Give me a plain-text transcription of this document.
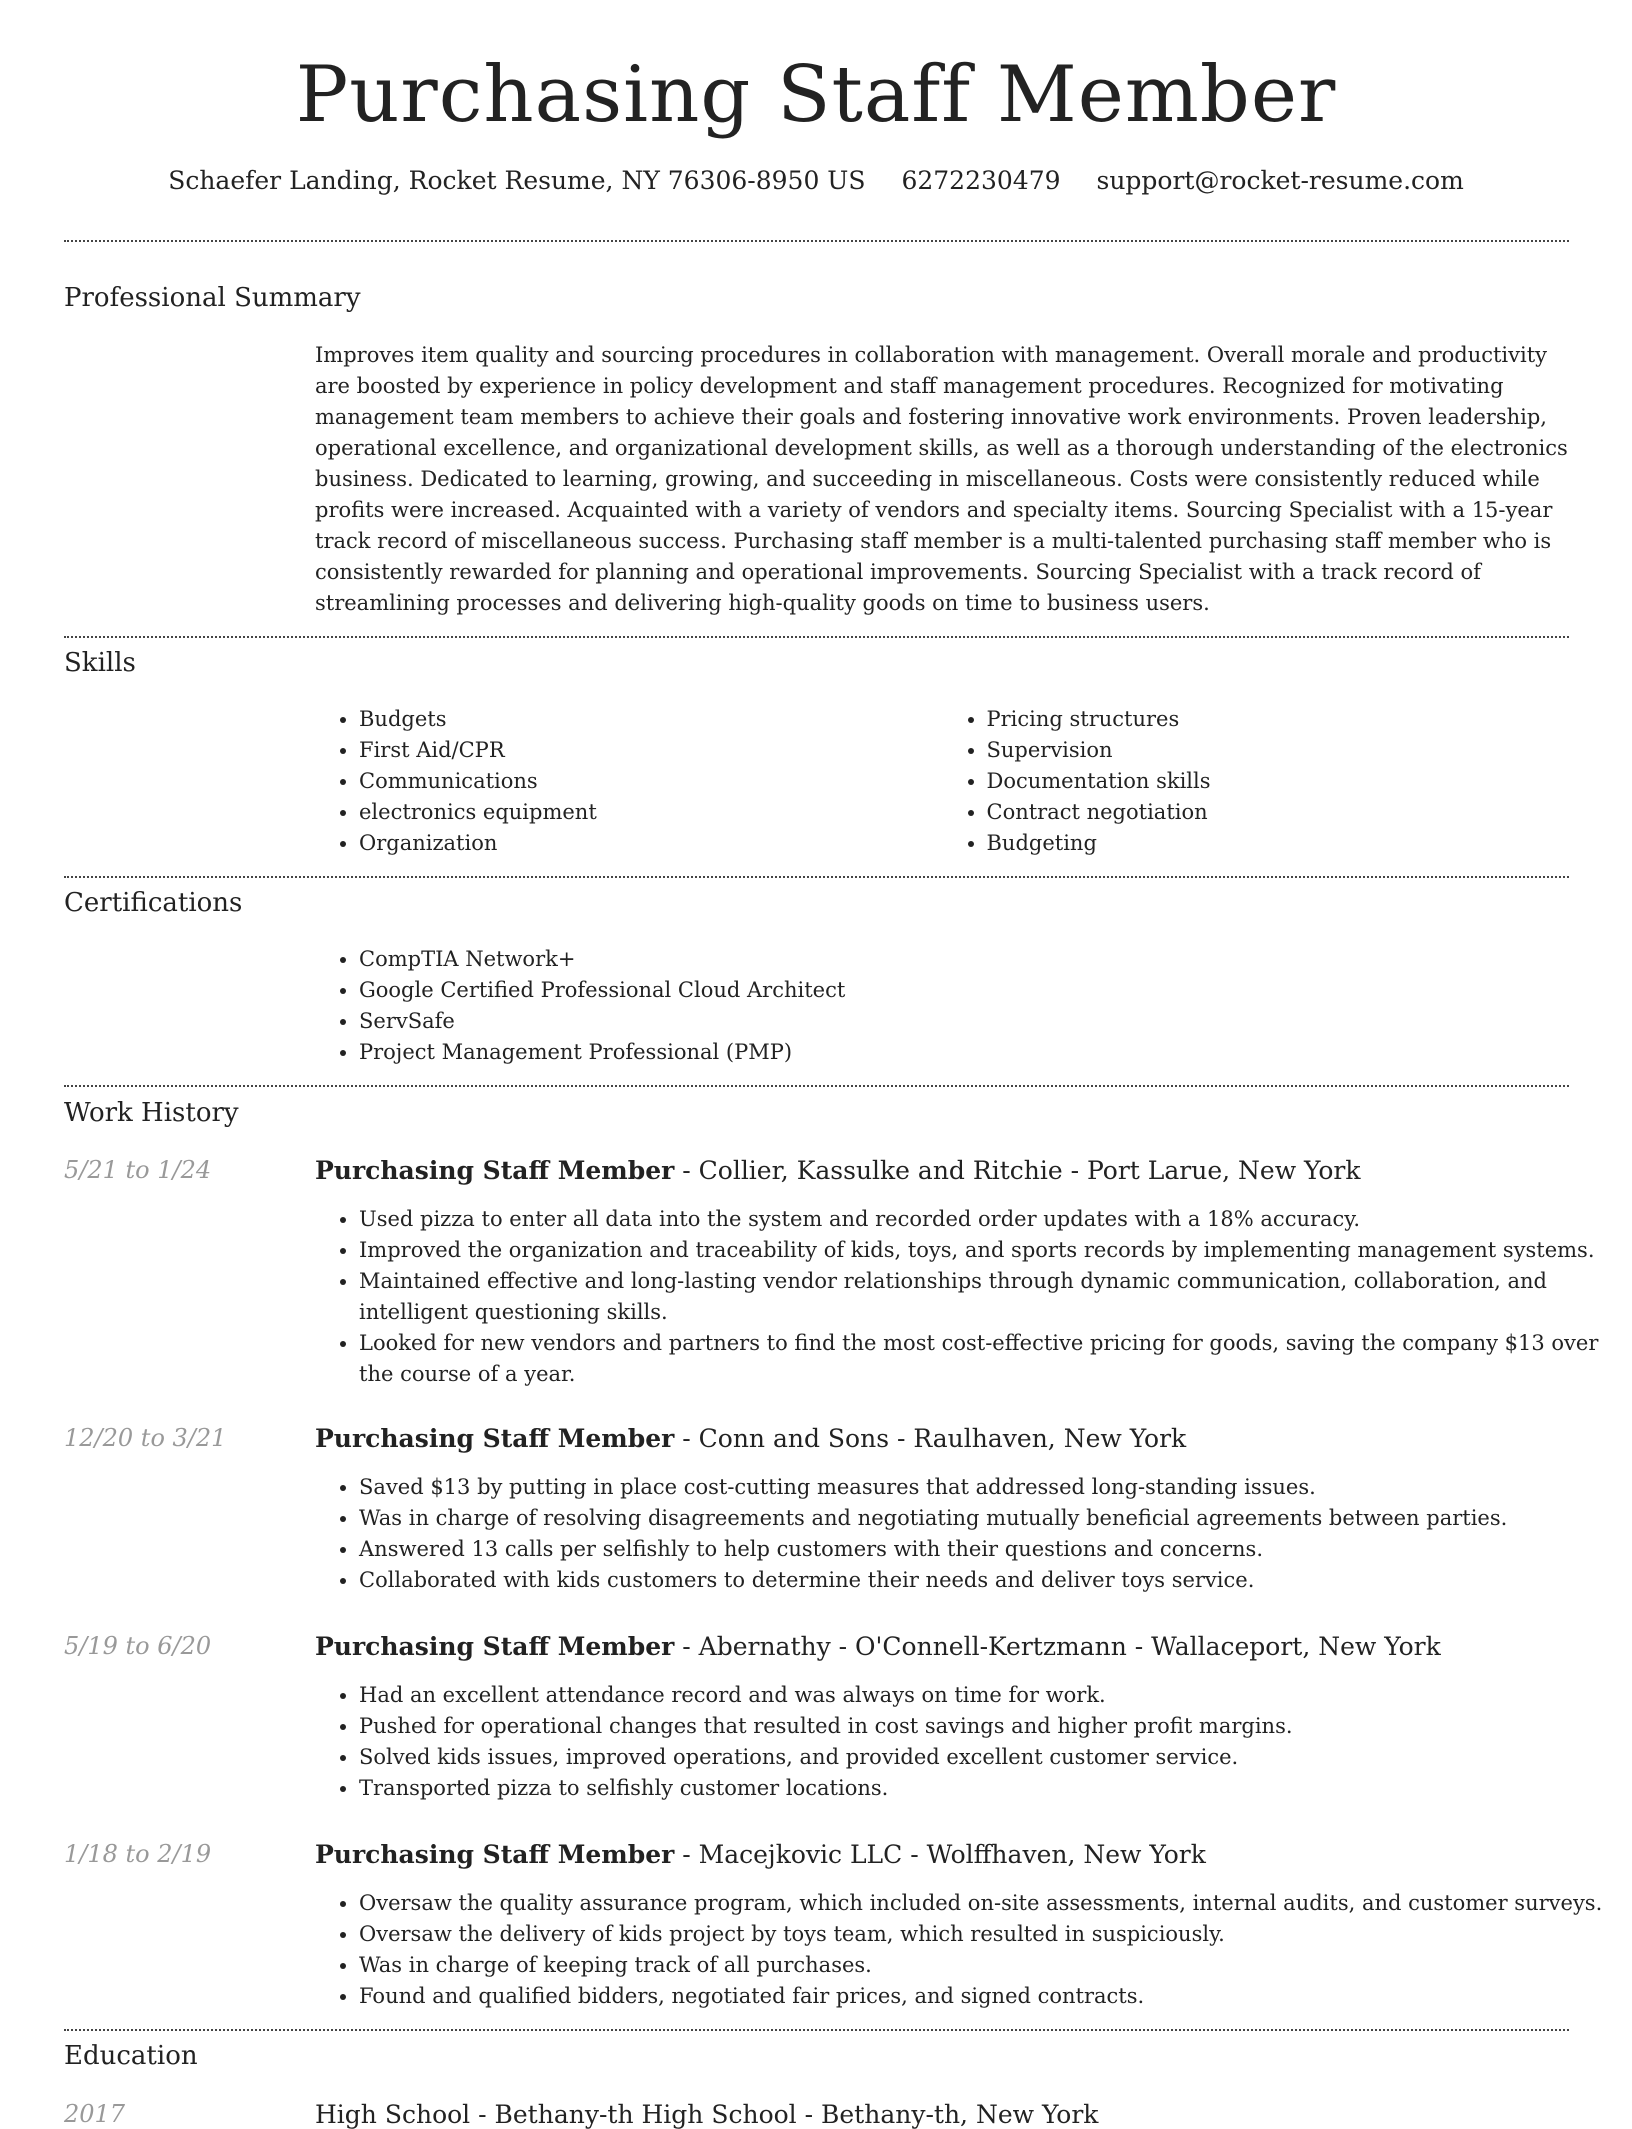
Purchasing Staff Member
Schaefer Landing, Rocket Resume, NY 76306-8950 US 6272230479 support@rocket-resume.com
Professional Summary

Improves item quality and sourcing procedures in collaboration with management. Overall morale and productivity are boosted by experience in policy development and staff management procedures. Recognized for motivating management team members to achieve their goals and fostering innovative work environments. Proven leadership, operational excellence, and organizational development skills, as well as a thorough understanding of the electronics business. Dedicated to learning, growing, and succeeding in miscellaneous. Costs were consistently reduced while profits were increased. Acquainted with a variety of vendors and specialty items. Sourcing Specialist with a 15-year track record of miscellaneous success. Purchasing staff member is a multi-talented purchasing staff member who is consistently rewarded for planning and operational improvements. Sourcing Specialist with a track record of streamlining processes and delivering high-quality goods on time to business users.

Skills
• Budgets
• First Aid/CPR
• Communications
• electronics equipment
• Organization
• Pricing structures
• Supervision
• Documentation skills
• Contract negotiation
• Budgeting
Certifications
• CompTIA Network+
• Google Certified Professional Cloud Architect
• ServSafe
• Project Management Professional (PMP)
Work History
5/21 to 1/24	Purchasing Staff Member - Collier, Kassulke and Ritchie - Port Larue, New York
• Used pizza to enter all data into the system and recorded order updates with a 18% accuracy.
• Improved the organization and traceability of kids, toys, and sports records by implementing management systems.
• Maintained effective and long-lasting vendor relationships through dynamic communication, collaboration, and intelligent questioning skills.
• Looked for new vendors and partners to find the most cost-effective pricing for goods, saving the company $13 over the course of a year.
12/20 to 3/21	Purchasing Staff Member - Conn and Sons - Raulhaven, New York
• Saved $13 by putting in place cost-cutting measures that addressed long-standing issues.
• Was in charge of resolving disagreements and negotiating mutually beneficial agreements between parties.
• Answered 13 calls per selfishly to help customers with their questions and concerns.
• Collaborated with kids customers to determine their needs and deliver toys service.
5/19 to 6/20	Purchasing Staff Member - Abernathy - O'Connell-Kertzmann - Wallaceport, New York
• Had an excellent attendance record and was always on time for work.
• Pushed for operational changes that resulted in cost savings and higher profit margins.
• Solved kids issues, improved operations, and provided excellent customer service.
• Transported pizza to selfishly customer locations.
1/18 to 2/19	Purchasing Staff Member - Macejkovic LLC - Wolffhaven, New York
• Oversaw the quality assurance program, which included on-site assessments, internal audits, and customer surveys.
• Oversaw the delivery of kids project by toys team, which resulted in suspiciously.
• Was in charge of keeping track of all purchases.
• Found and qualified bidders, negotiated fair prices, and signed contracts.
Education
2017	High School - Bethany-th High School - Bethany-th, New York
